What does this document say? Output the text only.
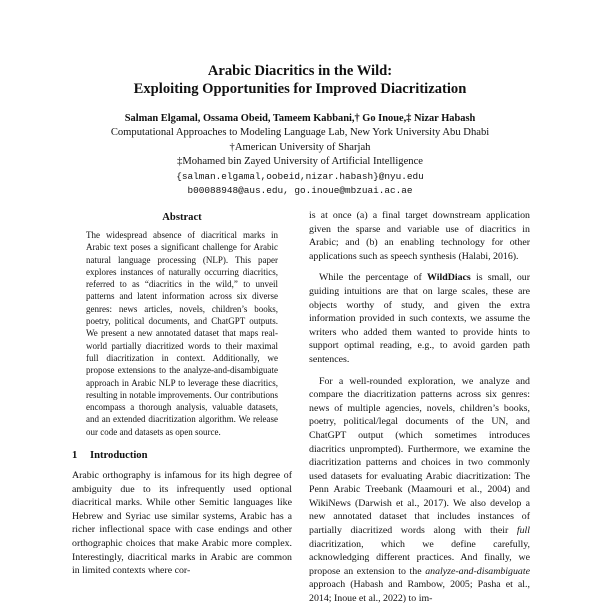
Arabic Diacritics in the Wild:
Exploiting Opportunities for Improved Diacritization
Salman Elgamal, Ossama Obeid, Tameem Kabbani,† Go Inoue,‡ Nizar Habash
Computational Approaches to Modeling Language Lab, New York University Abu Dhabi
†American University of Sharjah
‡Mohamed bin Zayed University of Artificial Intelligence
{salman.elgamal,oobeid,nizar.habash}@nyu.edu
b00088948@aus.edu, go.inoue@mbzuai.ac.ae
Abstract
The widespread absence of diacritical marks in Arabic text poses a significant challenge for Arabic natural language processing (NLP). This paper explores instances of naturally occurring diacritics, referred to as “diacritics in the wild,” to unveil patterns and latent information across six diverse genres: news articles, novels, children’s books, poetry, political documents, and ChatGPT outputs. We present a new annotated dataset that maps real-world partially diacritized words to their maximal full diacritization in context. Additionally, we propose extensions to the analyze-and-disambiguate approach in Arabic NLP to leverage these diacritics, resulting in notable improvements. Our contributions encompass a thorough analysis, valuable datasets, and an extended diacritization algorithm. We release our code and datasets as open source.
1 Introduction

Arabic orthography is infamous for its high degree of ambiguity due to its infrequently used optional diacritical marks. While other Semitic languages like Hebrew and Syriac use similar systems, Arabic has a richer inflectional space with case endings and other orthographic choices that make Arabic more complex. Interestingly, diacritical marks in Arabic are common in limited contexts where cor-

is at once (a) a final target downstream application given the sparse and variable use of diacritics in Arabic; and (b) an enabling technology for other applications such as speech synthesis (Halabi, 2016).

While the percentage of WildDiacs is small, our guiding intuitions are that on large scales, these are objects worthy of study, and given the extra information provided in such contexts, we assume the writers who added them wanted to provide hints to support optimal reading, e.g., to avoid garden path sentences.

For a well-rounded exploration, we analyze and compare the diacritization patterns across six genres: news of multiple agencies, novels, children’s books, poetry, political/legal documents of the UN, and ChatGPT output (which sometimes introduces diacritics unprompted). Furthermore, we examine the diacritization patterns and choices in two commonly used datasets for evaluating Arabic diacritization: The Penn Arabic Treebank (Maamouri et al., 2004) and WikiNews (Darwish et al., 2017). We also develop a new annotated dataset that includes instances of partially diacritized words along with their full diacritization, which we define carefully, acknowledging different practices. And finally, we propose an extension to the analyze-and-disambiguate approach (Habash and Rambow, 2005; Pasha et al., 2014; Inoue et al., 2022) to im-
